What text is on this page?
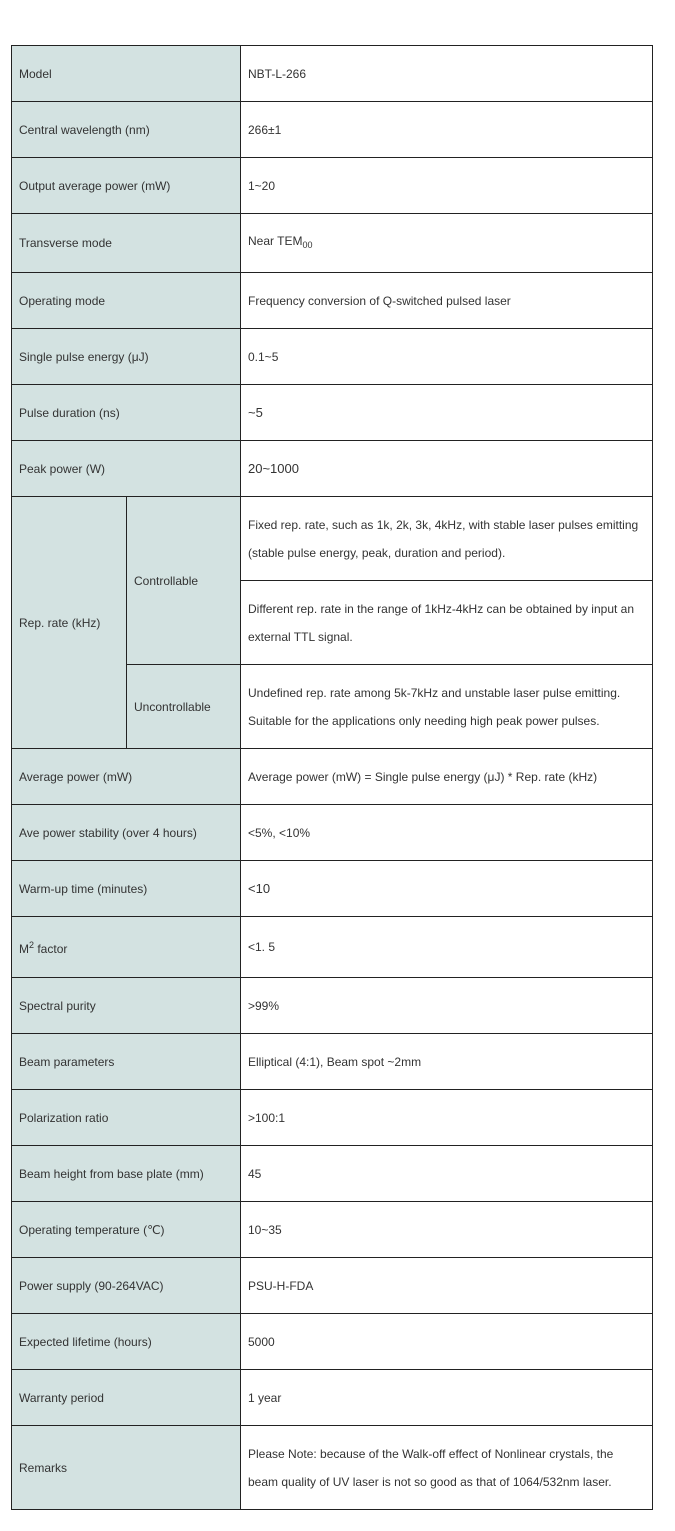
Model		NBT-L-266
Central wavelength (nm)		266±1
Output average power (mW)		1~20
Transverse mode		Near $TEM_{00}$
Operating mode		Frequency conversion of Q-switched pulsed laser
Single pulse energy (μJ)		0.1~5
Pulse duration (ns)		~5
Peak power (W)		20~1000
Rep. rate (kHz)	Controllable	Fixed rep. rate, such as 1k, 2k, 3k, 4kHz, with stable laser pulses emitting (stable pulse energy, peak, duration and period).
		Different rep. rate in the range of 1kHz-4kHz can be obtained by input an external TTL signal.
	Uncontrollable	Undefined rep. rate among 5k-7kHz and unstable laser pulse emitting. Suitable for the applications only needing high peak power pulses.
Average power (mW)		Average power (mW) = Single pulse energy (μJ) * Rep. rate (kHz)
Ave power stability (over 4 hours)		<5%, <10%
Warm-up time (minutes)		<10
$M^2$ factor		<1. 5
Spectral purity		>99%
Beam parameters		Elliptical (4:1), Beam spot ~2mm
Polarization ratio		>100:1
Beam height from base plate (mm)		45
Operating temperature (℃)		10~35
Power supply (90-264VAC)		PSU-H-FDA
Expected lifetime (hours)		5000
Warranty period		1 year
Remarks		Please Note: because of the Walk-off effect of Nonlinear crystals, the beam quality of UV laser is not so good as that of 1064/532nm laser.
